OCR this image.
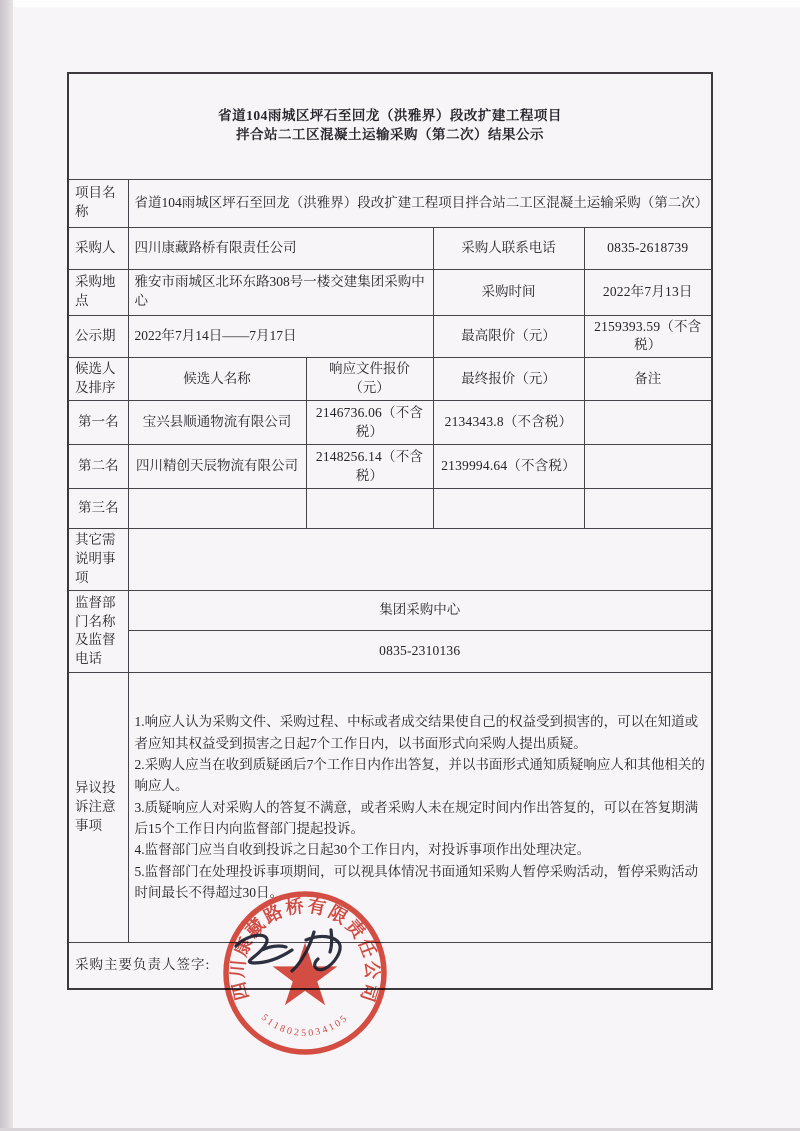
省道104雨城区坪石至回龙（洪雅界）段改扩建工程项目
拌合站二工区混凝土运输采购（第二次）结果公示				

项目名称	省道104雨城区坪石至回龙（洪雅界）段改扩建工程项目拌合站二工区混凝土运输采购（第二次）			
采购人	四川康藏路桥有限责任公司		采购人联系电话	0835-2618739
采购地点	雅安市雨城区北环东路308号一楼交建集团采购中心		采购时间	2022年7月13日
公示期	2022年7月14日——7月17日		最高限价（元）	2159393.59（不含税）
候选人及排序	候选人名称	响应文件报价（元）	最终报价（元）	备注
第一名	宝兴县顺通物流有限公司	2146736.06（不含税）	2134343.8（不含税）	
第二名	四川精创天辰物流有限公司	2148256.14（不含税）	2139994.64（不含税）	
第三名				
其它需说明事项				
监督部门名称及监督电话	集团采购中心			
	0835-2310136			
异议投诉注意事项	1.响应人认为采购文件、采购过程、中标或者成交结果使自己的权益受到损害的，可以在知道或者应知其权益受到损害之日起7个工作日内，以书面形式向采购人提出质疑。
2.采购人应当在收到质疑函后7个工作日内作出答复，并以书面形式通知质疑响应人和其他相关的响应人。
3.质疑响应人对采购人的答复不满意，或者采购人未在规定时间内作出答复的，可以在答复期满后15个工作日内向监督部门提起投诉。
4.监督部门应当自收到投诉之日起30个工作日内，对投诉事项作出处理决定。
5.监督部门在处理投诉事项期间，可以视具体情况书面通知采购人暂停采购活动，暂停采购活动时间最长不得超过30日。			

采购主要负责人签字:				
四川康藏路桥有限责任公司
5118025034105
